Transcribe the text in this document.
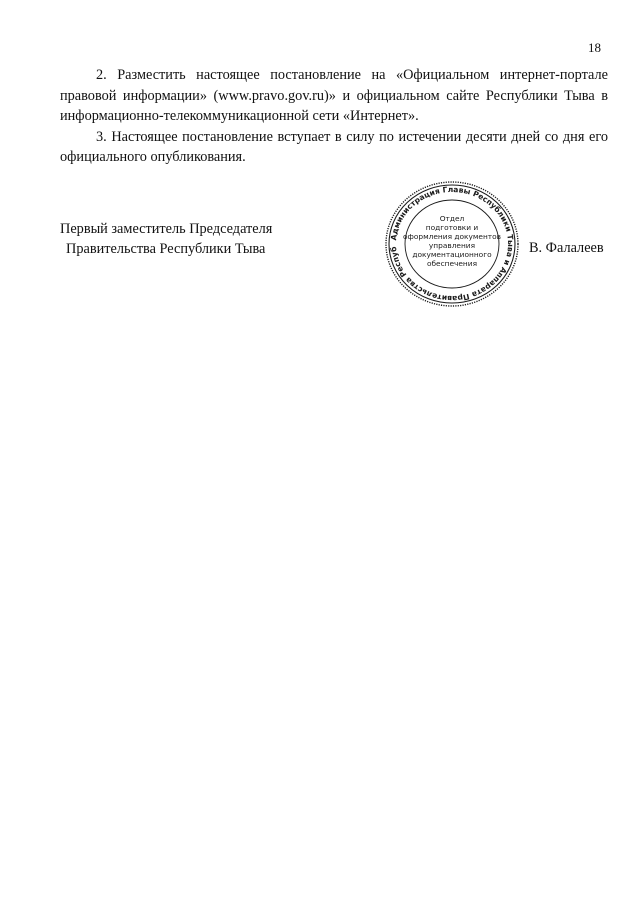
18

2. Разместить настоящее постановление на «Официальном интернет-портале правовой информации» (www.pravo.gov.ru)» и официальном сайте Республики Тыва в информационно-телекоммуникационной сети «Интернет».

3. Настоящее постановление вступает в силу по истечении десяти дней со дня его официального опубликования.

Первый заместитель Председателя
Правительства Республики Тыва
Администрация Главы Республики Тыва и Аппарата Правительства Респуб
Отдел
подготовки и
оформления документов
управления
документационного
обеспечения
В. Фалалеев
